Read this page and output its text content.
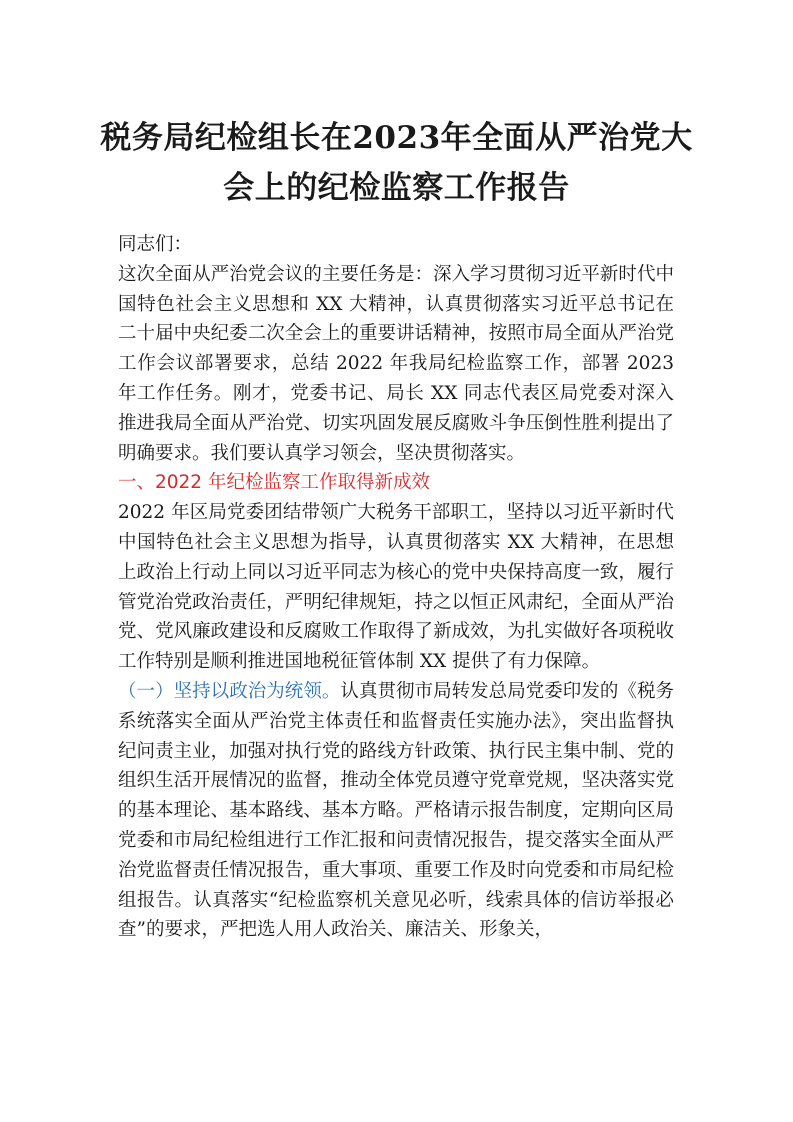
税务局纪检组长在2023年全面从严治党大
会上的纪检监察工作报告

同志们：

这次全面从严治党会议的主要任务是：深入学习贯彻习近平新时代中国特色社会主义思想和 XX 大精神，认真贯彻落实习近平总书记在二十届中央纪委二次全会上的重要讲话精神，按照市局全面从严治党工作会议部署要求，总结 2022 年我局纪检监察工作，部署 2023 年工作任务。刚才，党委书记、局长 XX 同志代表区局党委对深入推进我局全面从严治党、切实巩固发展反腐败斗争压倒性胜利提出了明确要求。我们要认真学习领会，坚决贯彻落实。

一、2022 年纪检监察工作取得新成效

2022 年区局党委团结带领广大税务干部职工，坚持以习近平新时代中国特色社会主义思想为指导，认真贯彻落实 XX 大精神，在思想上政治上行动上同以习近平同志为核心的党中央保持高度一致，履行管党治党政治责任，严明纪律规矩，持之以恒正风肃纪，全面从严治党、党风廉政建设和反腐败工作取得了新成效，为扎实做好各项税收工作特别是顺利推进国地税征管体制 XX 提供了有力保障。

（一）坚持以政治为统领。认真贯彻市局转发总局党委印发的《税务系统落实全面从严治党主体责任和监督责任实施办法》，突出监督执纪问责主业，加强对执行党的路线方针政策、执行民主集中制、党的组织生活开展情况的监督，推动全体党员遵守党章党规，坚决落实党的基本理论、基本路线、基本方略。严格请示报告制度，定期向区局党委和市局纪检组进行工作汇报和问责情况报告，提交落实全面从严治党监督责任情况报告，重大事项、重要工作及时向党委和市局纪检组报告。认真落实“纪检监察机关意见必听，线索具体的信访举报必查”的要求，严把选人用人政治关、廉洁关、形象关，
